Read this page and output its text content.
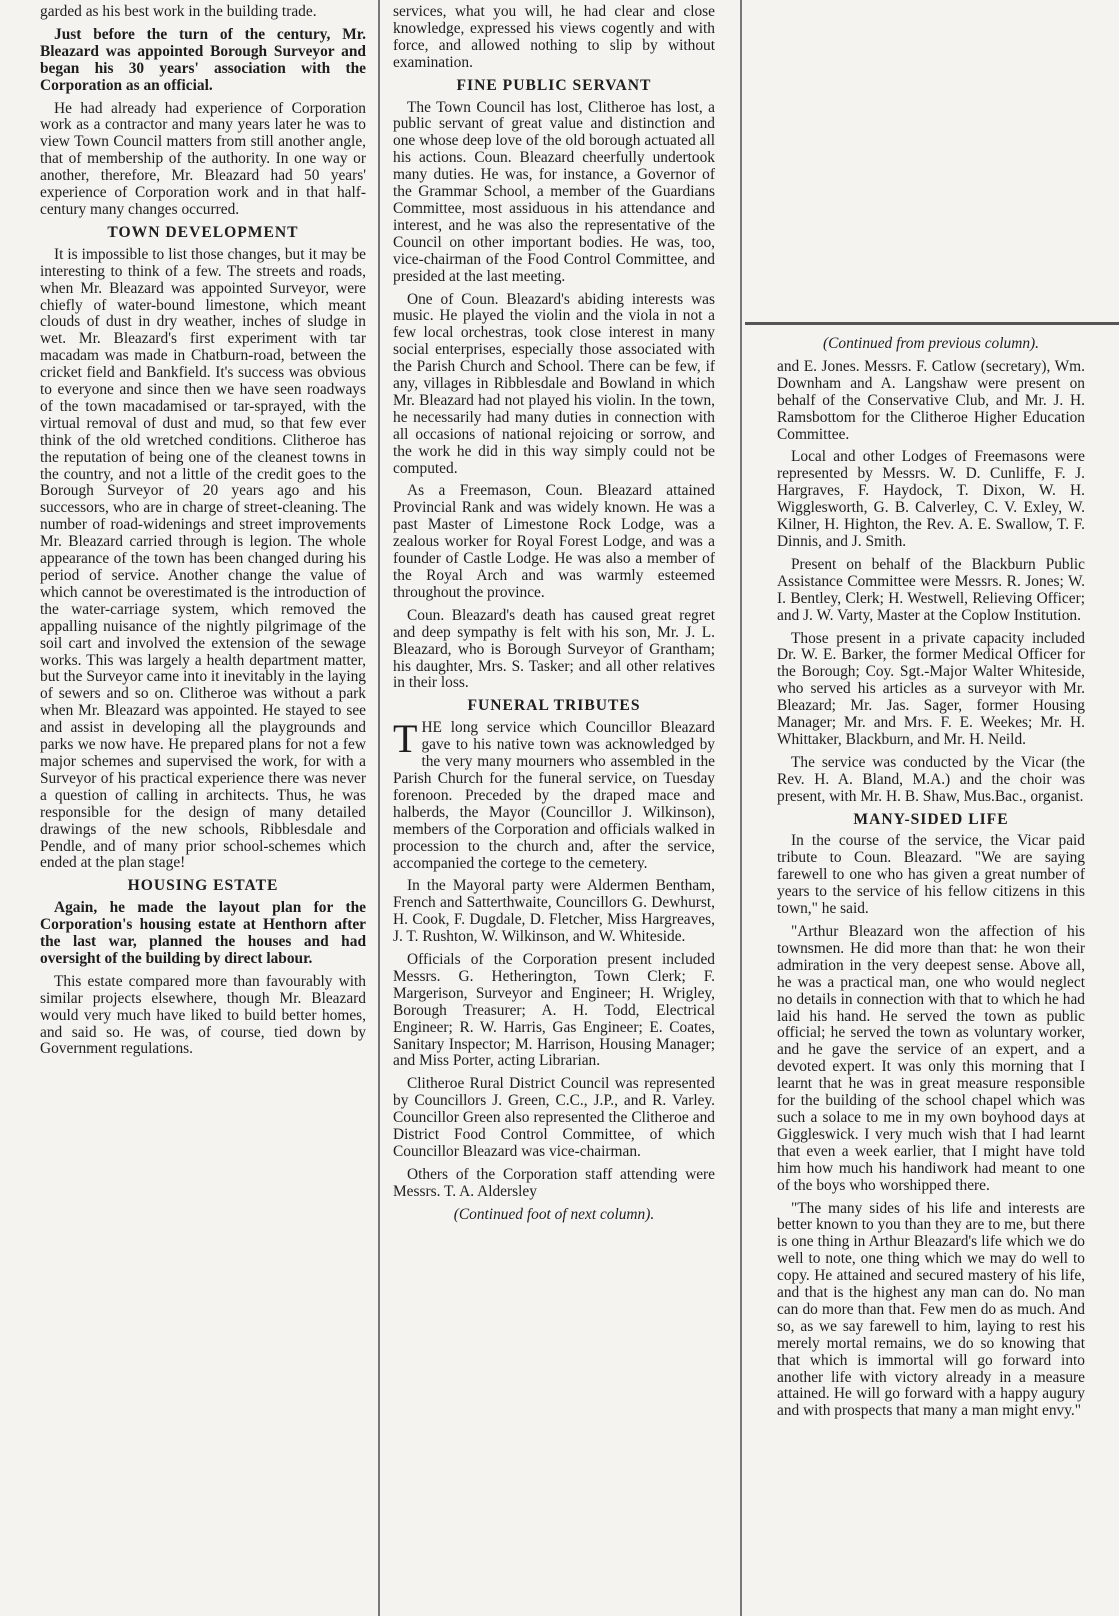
garded as his best work in the building trade.

Just before the turn of the century, Mr. Bleazard was appointed Borough Surveyor and began his 30 years' association with the Corporation as an official.

He had already had experience of Corporation work as a contractor and many years later he was to view Town Council matters from still another angle, that of membership of the authority. In one way or another, therefore, Mr. Bleazard had 50 years' experience of Corporation work and in that half-century many changes occurred.

TOWN DEVELOPMENT

It is impossible to list those changes, but it may be interesting to think of a few. The streets and roads, when Mr. Bleazard was appointed Surveyor, were chiefly of water-bound limestone, which meant clouds of dust in dry weather, inches of sludge in wet. Mr. Bleazard's first experiment with tar macadam was made in Chatburn-road, between the cricket field and Bankfield. It's success was obvious to everyone and since then we have seen roadways of the town macadamised or tar-sprayed, with the virtual removal of dust and mud, so that few ever think of the old wretched conditions. Clitheroe has the reputation of being one of the cleanest towns in the country, and not a little of the credit goes to the Borough Surveyor of 20 years ago and his successors, who are in charge of street-cleaning. The number of road-widenings and street improvements Mr. Bleazard carried through is legion. The whole appearance of the town has been changed during his period of service. Another change the value of which cannot be overestimated is the introduction of the water-carriage system, which removed the appalling nuisance of the nightly pilgrimage of the soil cart and involved the extension of the sewage works. This was largely a health department matter, but the Surveyor came into it inevitably in the laying of sewers and so on. Clitheroe was without a park when Mr. Bleazard was appointed. He stayed to see and assist in developing all the playgrounds and parks we now have. He prepared plans for not a few major schemes and supervised the work, for with a Surveyor of his practical experience there was never a question of calling in architects. Thus, he was responsible for the design of many detailed drawings of the new schools, Ribblesdale and Pendle, and of many prior school-schemes which ended at the plan stage!

HOUSING ESTATE

Again, he made the layout plan for the Corporation's housing estate at Henthorn after the last war, planned the houses and had oversight of the building by direct labour.

This estate compared more than favourably with similar projects elsewhere, though Mr. Bleazard would very much have liked to build better homes, and said so. He was, of course, tied down by Government regulations.

services, what you will, he had clear and close knowledge, expressed his views cogently and with force, and allowed nothing to slip by without examination.

FINE PUBLIC SERVANT

The Town Council has lost, Clitheroe has lost, a public servant of great value and distinction and one whose deep love of the old borough actuated all his actions. Coun. Bleazard cheerfully undertook many duties. He was, for instance, a Governor of the Grammar School, a member of the Guardians Committee, most assiduous in his attendance and interest, and he was also the representative of the Council on other important bodies. He was, too, vice-chairman of the Food Control Committee, and presided at the last meeting.

One of Coun. Bleazard's abiding interests was music. He played the violin and the viola in not a few local orchestras, took close interest in many social enterprises, especially those associated with the Parish Church and School. There can be few, if any, villages in Ribblesdale and Bowland in which Mr. Bleazard had not played his violin. In the town, he necessarily had many duties in connection with all occasions of national rejoicing or sorrow, and the work he did in this way simply could not be computed.

As a Freemason, Coun. Bleazard attained Provincial Rank and was widely known. He was a past Master of Limestone Rock Lodge, was a zealous worker for Royal Forest Lodge, and was a founder of Castle Lodge. He was also a member of the Royal Arch and was warmly esteemed throughout the province.

Coun. Bleazard's death has caused great regret and deep sympathy is felt with his son, Mr. J. L. Bleazard, who is Borough Surveyor of Grantham; his daughter, Mrs. S. Tasker; and all other relatives in their loss.

FUNERAL TRIBUTES

THE long service which Councillor Bleazard gave to his native town was acknowledged by the very many mourners who assembled in the Parish Church for the funeral service, on Tuesday forenoon. Preceded by the draped mace and halberds, the Mayor (Councillor J. Wilkinson), members of the Corporation and officials walked in procession to the church and, after the service, accompanied the cortege to the cemetery.

In the Mayoral party were Aldermen Bentham, French and Satterthwaite, Councillors G. Dewhurst, H. Cook, F. Dugdale, D. Fletcher, Miss Hargreaves, J. T. Rushton, W. Wilkinson, and W. Whiteside.

Officials of the Corporation present included Messrs. G. Hetherington, Town Clerk; F. Margerison, Surveyor and Engineer; H. Wrigley, Borough Treasurer; A. H. Todd, Electrical Engineer; R. W. Harris, Gas Engineer; E. Coates, Sanitary Inspector; M. Harrison, Housing Manager; and Miss Porter, acting Librarian.

Clitheroe Rural District Council was represented by Councillors J. Green, C.C., J.P., and R. Varley. Councillor Green also represented the Clitheroe and District Food Control Committee, of which Councillor Bleazard was vice-chairman.

Others of the Corporation staff attending were Messrs. T. A. Aldersley

(Continued foot of next column).

(Continued from previous column).

and E. Jones. Messrs. F. Catlow (secretary), Wm. Downham and A. Langshaw were present on behalf of the Conservative Club, and Mr. J. H. Ramsbottom for the Clitheroe Higher Education Committee.

Local and other Lodges of Freemasons were represented by Messrs. W. D. Cunliffe, F. J. Hargraves, F. Haydock, T. Dixon, W. H. Wigglesworth, G. B. Calverley, C. V. Exley, W. Kilner, H. Highton, the Rev. A. E. Swallow, T. F. Dinnis, and J. Smith.

Present on behalf of the Blackburn Public Assistance Committee were Messrs. R. Jones; W. I. Bentley, Clerk; H. Westwell, Relieving Officer; and J. W. Varty, Master at the Coplow Institution.

Those present in a private capacity included Dr. W. E. Barker, the former Medical Officer for the Borough; Coy. Sgt.-Major Walter Whiteside, who served his articles as a surveyor with Mr. Bleazard; Mr. Jas. Sager, former Housing Manager; Mr. and Mrs. F. E. Weekes; Mr. H. Whittaker, Blackburn, and Mr. H. Neild.

The service was conducted by the Vicar (the Rev. H. A. Bland, M.A.) and the choir was present, with Mr. H. B. Shaw, Mus.Bac., organist.

MANY-SIDED LIFE

In the course of the service, the Vicar paid tribute to Coun. Bleazard. "We are saying farewell to one who has given a great number of years to the service of his fellow citizens in this town," he said.

"Arthur Bleazard won the affection of his townsmen. He did more than that: he won their admiration in the very deepest sense. Above all, he was a practical man, one who would neglect no details in connection with that to which he had laid his hand. He served the town as public official; he served the town as voluntary worker, and he gave the service of an expert, and a devoted expert. It was only this morning that I learnt that he was in great measure responsible for the building of the school chapel which was such a solace to me in my own boyhood days at Giggleswick. I very much wish that I had learnt that even a week earlier, that I might have told him how much his handiwork had meant to one of the boys who worshipped there.

"The many sides of his life and interests are better known to you than they are to me, but there is one thing in Arthur Bleazard's life which we do well to note, one thing which we may do well to copy. He attained and secured mastery of his life, and that is the highest any man can do. No man can do more than that. Few men do as much. And so, as we say farewell to him, laying to rest his merely mortal remains, we do so knowing that that which is immortal will go forward into another life with victory already in a measure attained. He will go forward with a happy augury and with prospects that many a man might envy."
